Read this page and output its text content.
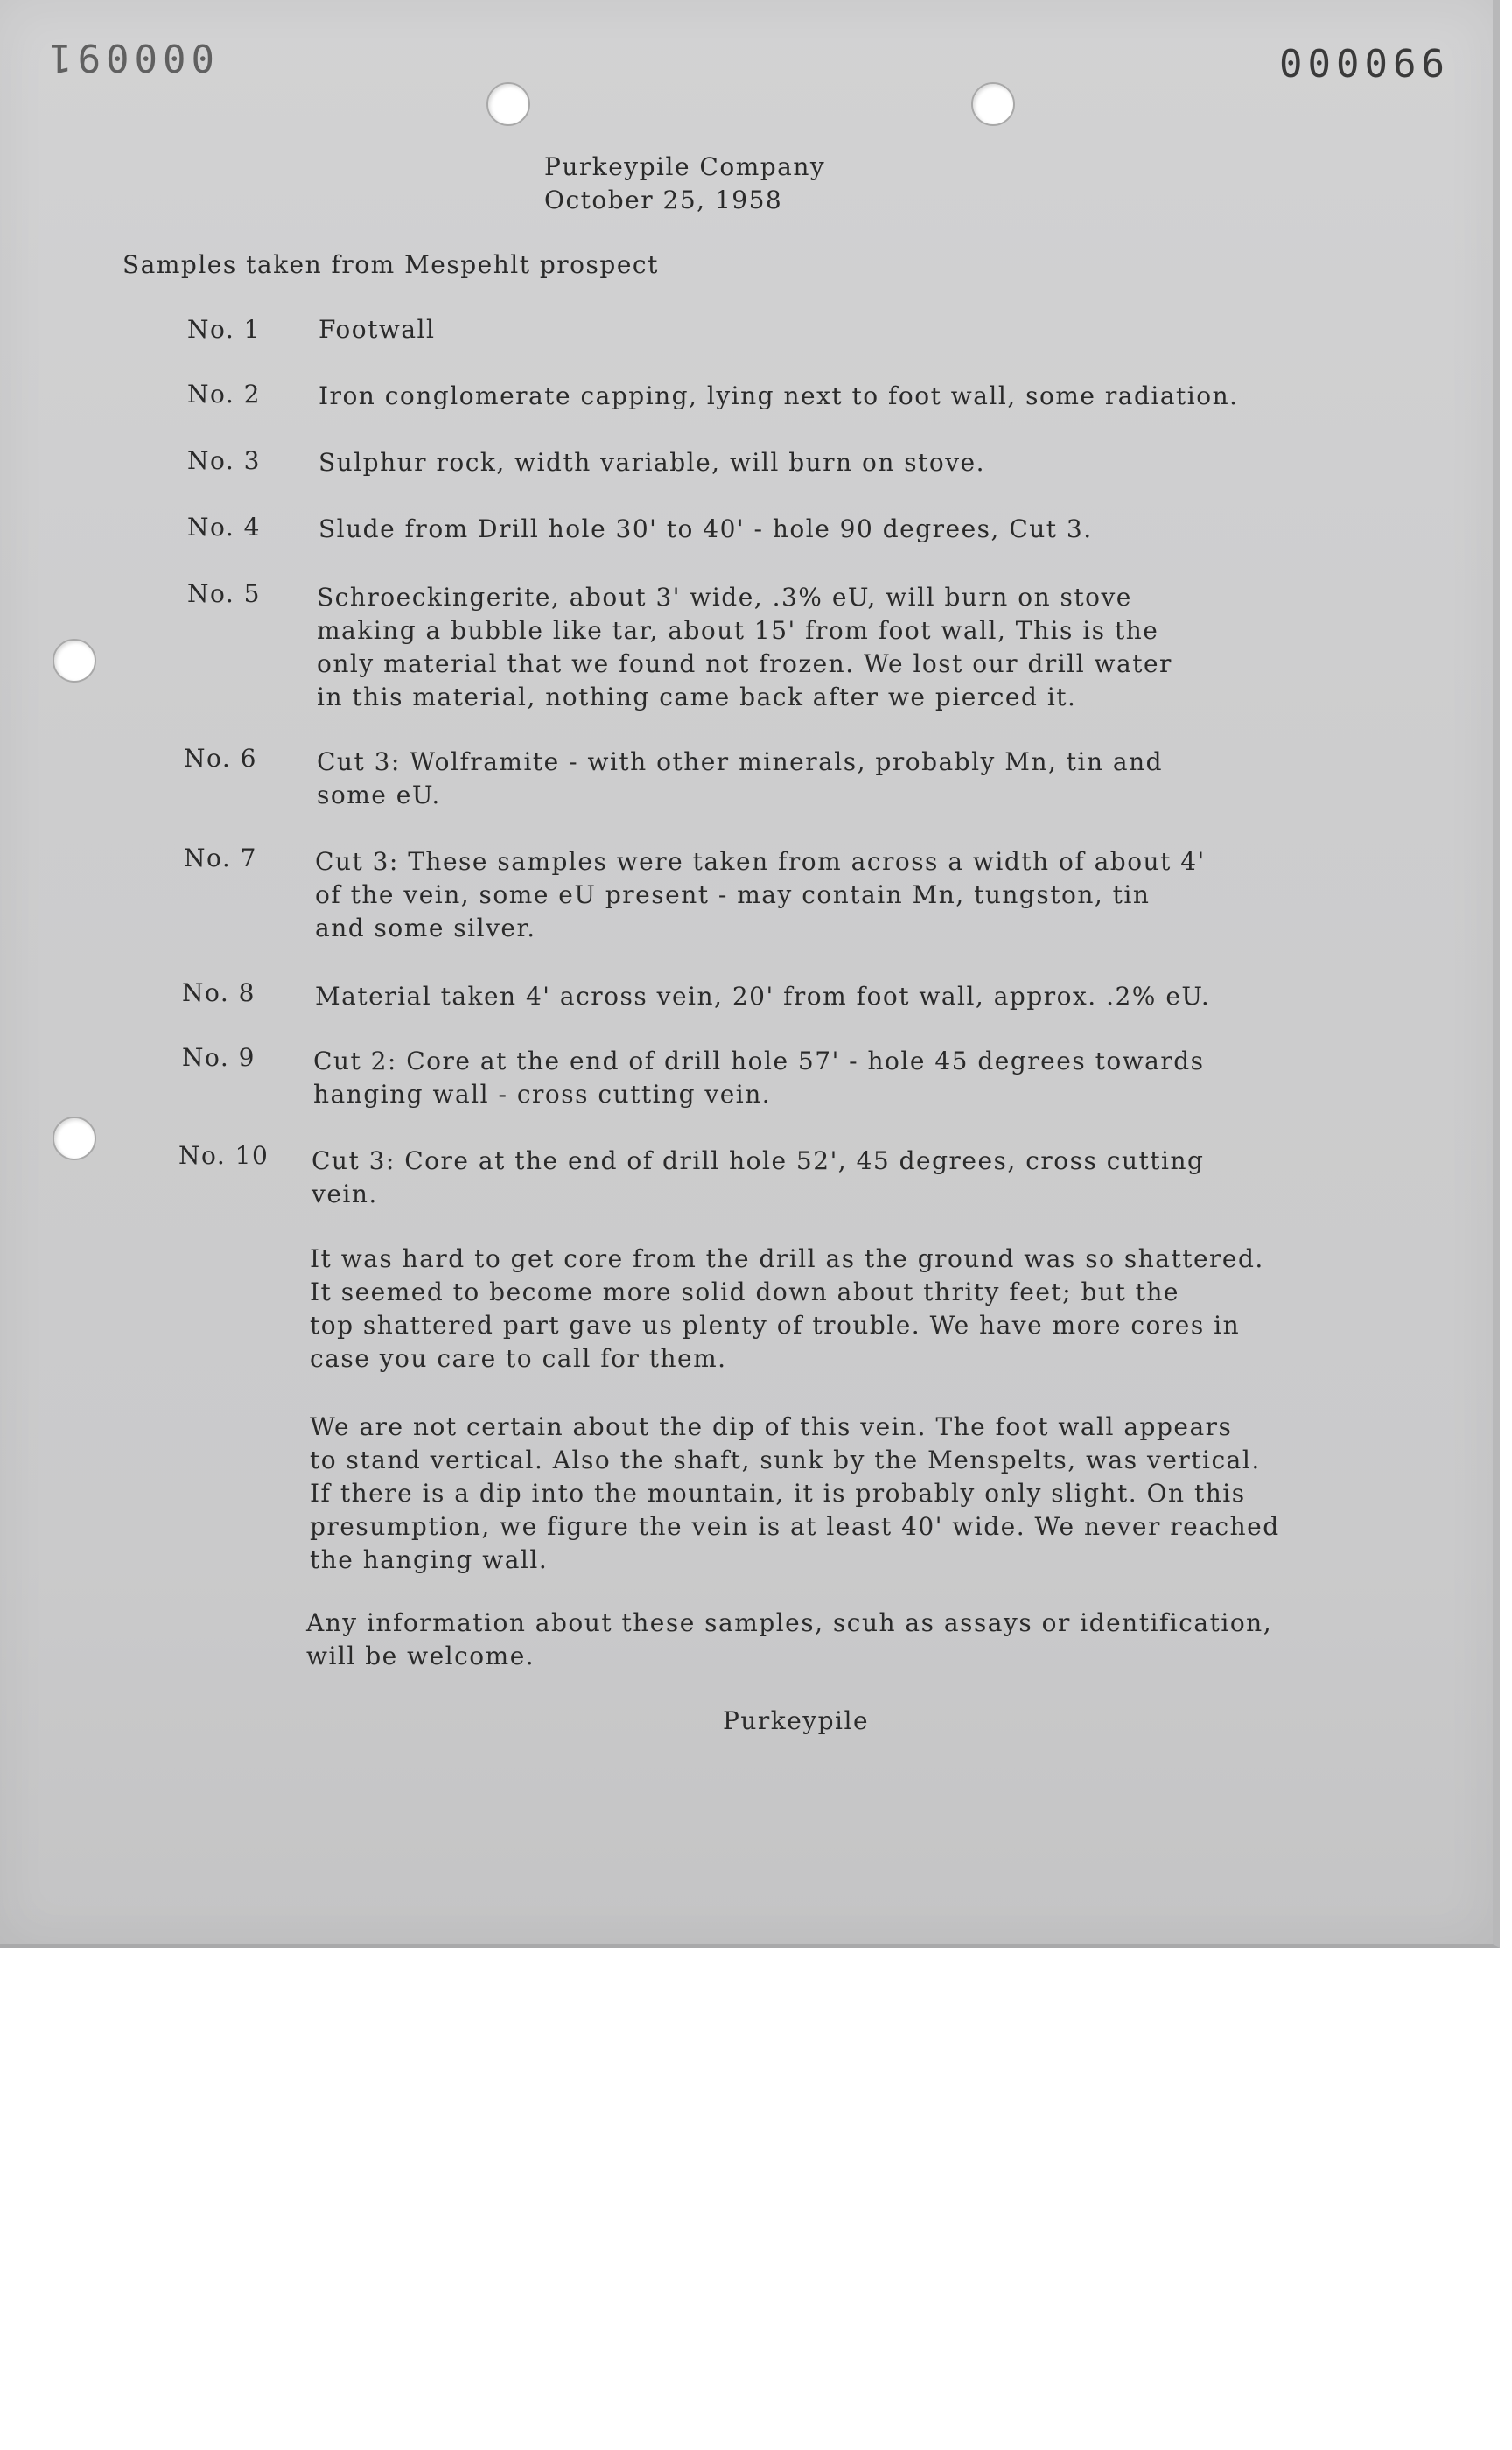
000091	000066
Purkeypile Company
October 25, 1958
Samples taken from Mespehlt prospect
No. 1	Footwall
No. 2	Iron conglomerate capping, lying next to foot wall, some radiation.
No. 3	Sulphur rock, width variable, will burn on stove.
No. 4	Slude from Drill hole 30' to 40' - hole 90 degrees, Cut 3.
No. 5	Schroeckingerite, about 3' wide, .3% eU, will burn on stove
making a bubble like tar, about 15' from foot wall, This is the
only material that we found not frozen. We lost our drill water
in this material, nothing came back after we pierced it.
No. 6	Cut 3: Wolframite - with other minerals, probably Mn, tin and
some eU.
No. 7	Cut 3: These samples were taken from across a width of about 4'
of the vein, some eU present - may contain Mn, tungston, tin
and some silver.
No. 8	Material taken 4' across vein, 20' from foot wall, approx. .2% eU.
No. 9	Cut 2: Core at the end of drill hole 57' - hole 45 degrees towards
hanging wall - cross cutting vein.
No. 10	Cut 3: Core at the end of drill hole 52', 45 degrees, cross cutting
vein.
It was hard to get core from the drill as the ground was so shattered.
It seemed to become more solid down about thrity feet; but the
top shattered part gave us plenty of trouble. We have more cores in
case you care to call for them.
We are not certain about the dip of this vein. The foot wall appears
to stand vertical. Also the shaft, sunk by the Menspelts, was vertical.
If there is a dip into the mountain, it is probably only slight. On this
presumption, we figure the vein is at least 40' wide. We never reached
the hanging wall.
Any information about these samples, scuh as assays or identification,
will be welcome.
Purkeypile
